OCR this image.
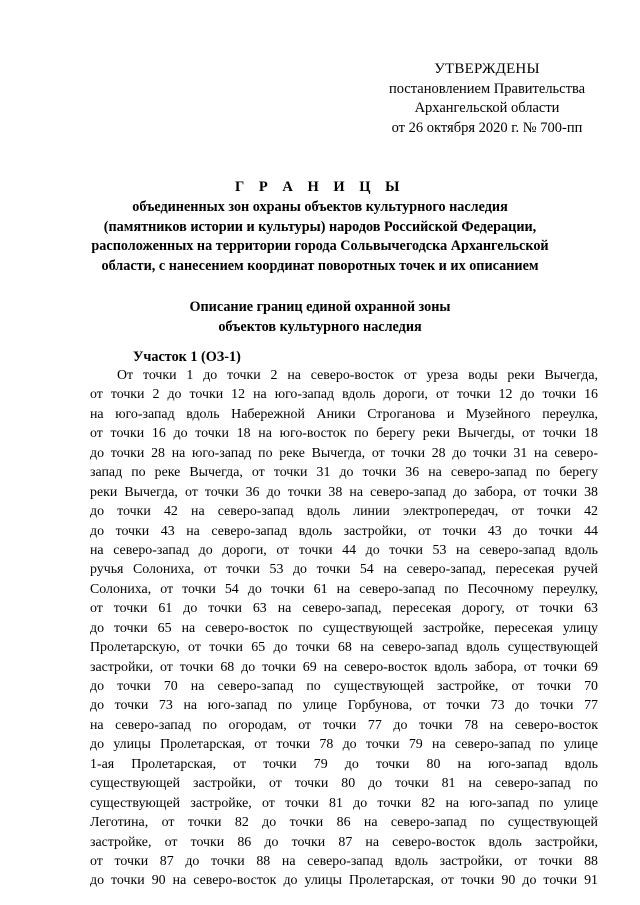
УТВЕРЖДЕНЫ
постановлением Правительства
Архангельской области
от 26 октября 2020 г. № 700-пп
Г Р А Н И Ц Ы
объединенных зон охраны объектов культурного наследия
(памятников истории и культуры) народов Российской Федерации,
расположенных на территории города Сольвычегодска Архангельской
области, с нанесением координат поворотных точек и их описанием
Описание границ единой охранной зоны
объектов культурного наследия
Участок 1 (ОЗ-1)
От точки 1 до точки 2 на северо-восток от уреза воды реки Вычегда,
от точки 2 до точки 12 на юго-запад вдоль дороги, от точки 12 до точки 16
на юго-запад вдоль Набережной Аники Строганова и Музейного переулка,
от точки 16 до точки 18 на юго-восток по берегу реки Вычегды, от точки 18
до точки 28 на юго-запад по реке Вычегда, от точки 28 до точки 31 на северо-
запад по реке Вычегда, от точки 31 до точки 36 на северо-запад по берегу
реки Вычегда, от точки 36 до точки 38 на северо-запад до забора, от точки 38
до точки 42 на северо-запад вдоль линии электропередач, от точки 42
до точки 43 на северо-запад вдоль застройки, от точки 43 до точки 44
на северо-запад до дороги, от точки 44 до точки 53 на северо-запад вдоль
ручья Солониха, от точки 53 до точки 54 на северо-запад, пересекая ручей
Солониха, от точки 54 до точки 61 на северо-запад по Песочному переулку,
от точки 61 до точки 63 на северо-запад, пересекая дорогу, от точки 63
до точки 65 на северо-восток по существующей застройке, пересекая улицу
Пролетарскую, от точки 65 до точки 68 на северо-запад вдоль существующей
застройки, от точки 68 до точки 69 на северо-восток вдоль забора, от точки 69
до точки 70 на северо-запад по существующей застройке, от точки 70
до точки 73 на юго-запад по улице Горбунова, от точки 73 до точки 77
на северо-запад по огородам, от точки 77 до точки 78 на северо-восток
до улицы Пролетарская, от точки 78 до точки 79 на северо-запад по улице
1-ая Пролетарская, от точки 79 до точки 80 на юго-запад вдоль
существующей застройки, от точки 80 до точки 81 на северо-запад по
существующей застройке, от точки 81 до точки 82 на юго-запад по улице
Леготина, от точки 82 до точки 86 на северо-запад по существующей
застройке, от точки 86 до точки 87 на северо-восток вдоль застройки,
от точки 87 до точки 88 на северо-запад вдоль застройки, от точки 88
до точки 90 на северо-восток до улицы Пролетарская, от точки 90 до точки 91
